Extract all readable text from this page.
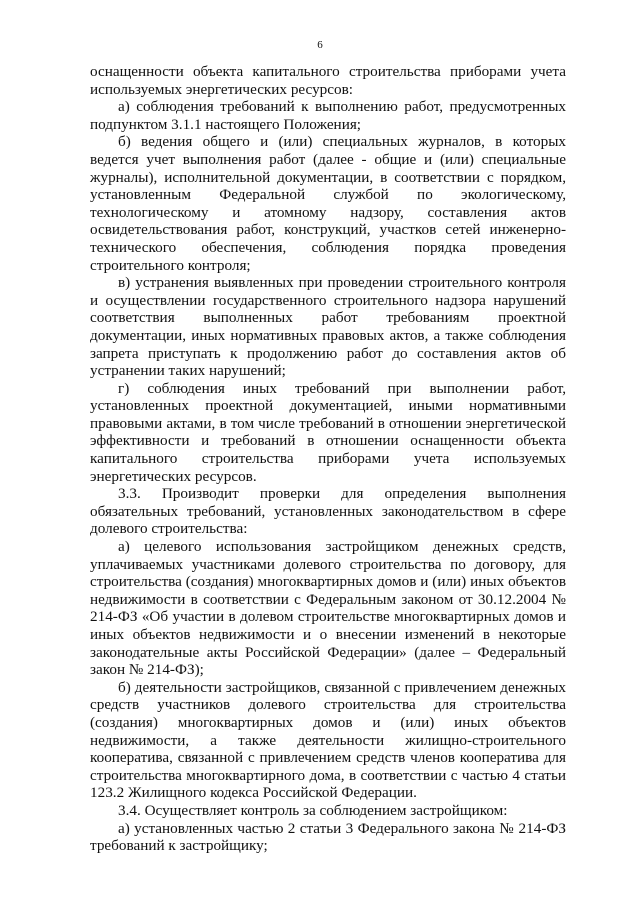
6

оснащенности объекта капитального строительства приборами учета используемых энергетических ресурсов:

а) соблюдения требований к выполнению работ, предусмотренных подпунктом 3.1.1 настоящего Положения;

б) ведения общего и (или) специальных журналов, в которых ведется учет выполнения работ (далее - общие и (или) специальные журналы), исполнительной документации, в соответствии с порядком, установленным Федеральной службой по экологическому, технологическому и атомному надзору, составления актов освидетельствования работ, конструкций, участков сетей инженерно-технического обеспечения, соблюдения порядка проведения строительного контроля;

в) устранения выявленных при проведении строительного контроля и осуществлении государственного строительного надзора нарушений соответствия выполненных работ требованиям проектной документации, иных нормативных правовых актов, а также соблюдения запрета приступать к продолжению работ до составления актов об устранении таких нарушений;

г) соблюдения иных требований при выполнении работ, установленных проектной документацией, иными нормативными правовыми актами, в том числе требований в отношении энергетической эффективности и требований в отношении оснащенности объекта капитального строительства приборами учета используемых энергетических ресурсов.

3.3. Производит проверки для определения выполнения обязательных требований, установленных законодательством в сфере долевого строительства:

а) целевого использования застройщиком денежных средств, уплачиваемых участниками долевого строительства по договору, для строительства (создания) многоквартирных домов и (или) иных объектов недвижимости в соответствии с Федеральным законом от 30.12.2004 № 214-ФЗ «Об участии в долевом строительстве многоквартирных домов и иных объектов недвижимости и о внесении изменений в некоторые законодательные акты Российской Федерации» (далее – Федеральный закон № 214-ФЗ);

б) деятельности застройщиков, связанной с привлечением денежных средств участников долевого строительства для строительства (создания) многоквартирных домов и (или) иных объектов недвижимости, а также деятельности жилищно-строительного кооператива, связанной с привлечением средств членов кооператива для строительства многоквартирного дома, в соответствии с частью 4 статьи 123.2 Жилищного кодекса Российской Федерации.

3.4. Осуществляет контроль за соблюдением застройщиком:

а) установленных частью 2 статьи 3 Федерального закона № 214-ФЗ требований к застройщику;
